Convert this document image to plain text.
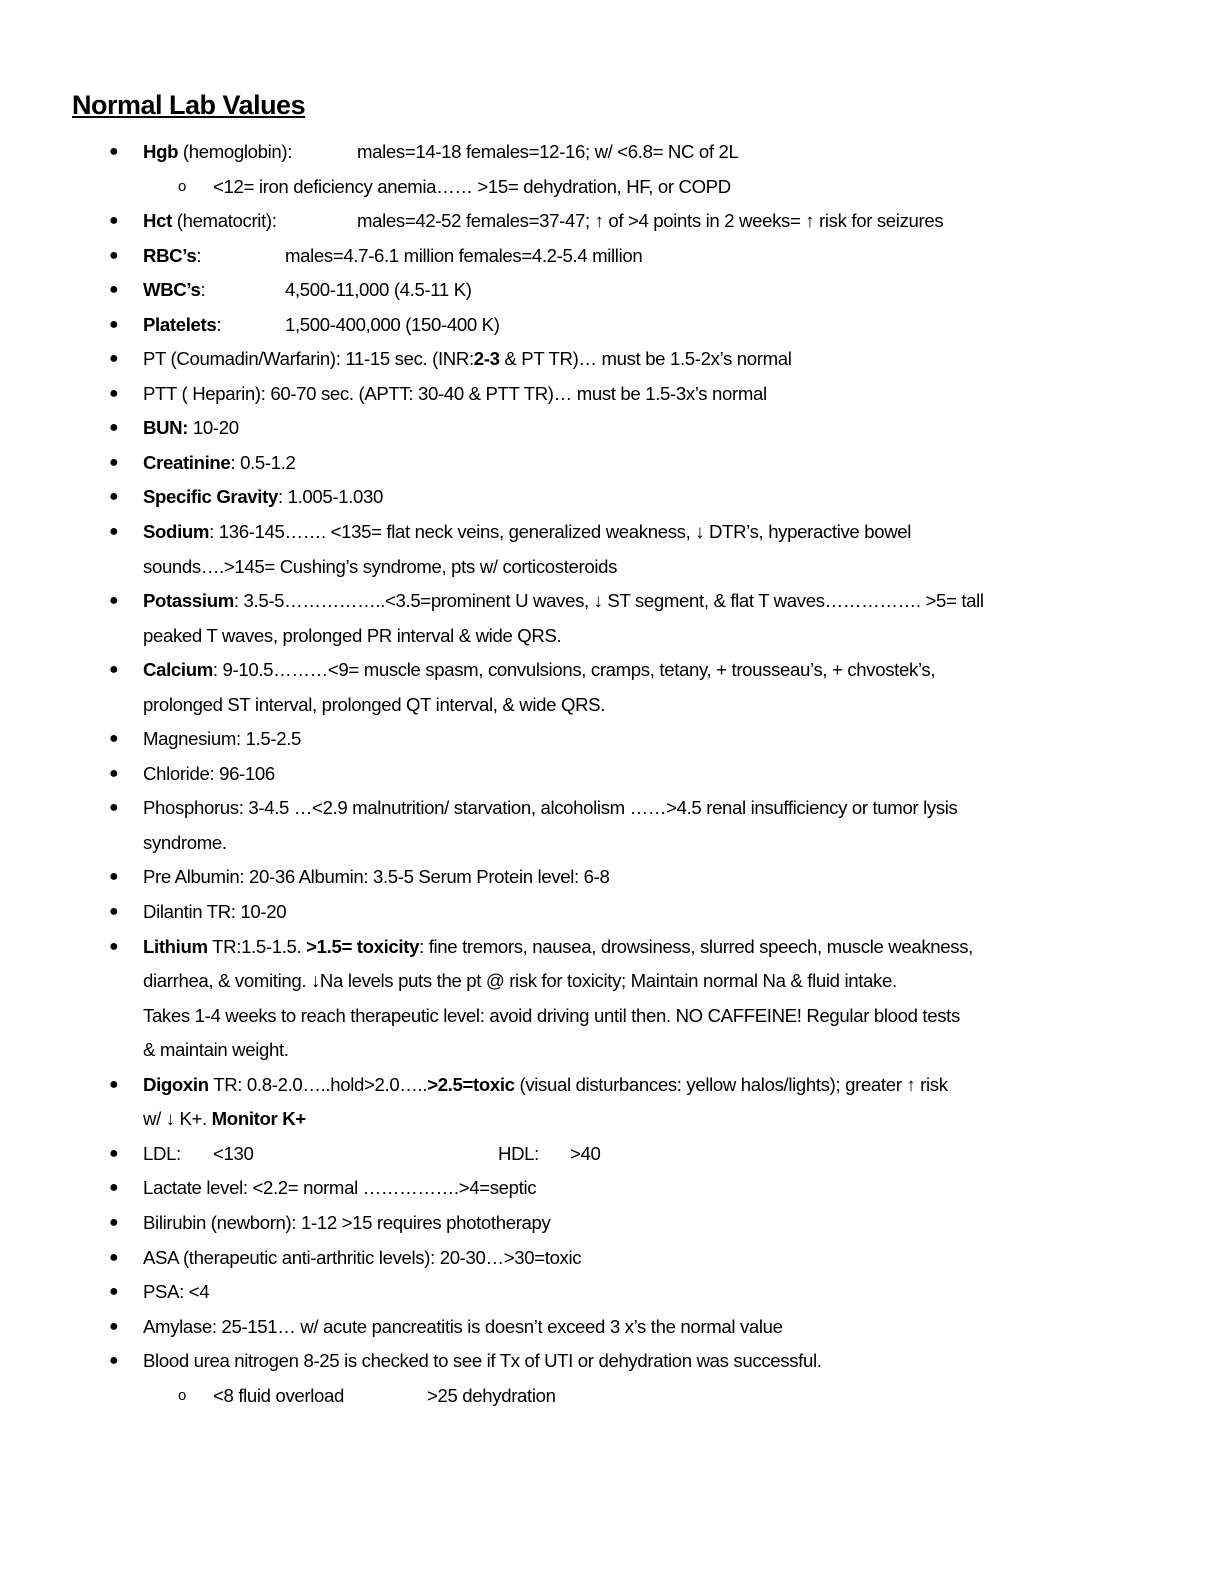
Normal Lab Values
● Hgb (hemoglobin):	males=14-18 females=12-16; w/ <6.8= NC of 2L
o <12= iron deficiency anemia…… >15= dehydration, HF, or COPD
● Hct (hematocrit):	males=42-52 females=37-47; ↑ of >4 points in 2 weeks= ↑ risk for seizures
● RBC’s:	males=4.7-6.1 million females=4.2-5.4 million
● WBC’s:	4,500-11,000 (4.5-11 K)
● Platelets:	1,500-400,000 (150-400 K)
● PT (Coumadin/Warfarin): 11-15 sec. (INR:2-3 & PT TR)… must be 1.5-2x’s normal
● PTT ( Heparin): 60-70 sec. (APTT: 30-40 & PTT TR)… must be 1.5-3x’s normal
● BUN: 10-20
● Creatinine: 0.5-1.2
● Specific Gravity: 1.005-1.030
● Sodium: 136-145……. <135= flat neck veins, generalized weakness, ↓ DTR’s, hyperactive bowel
sounds….>145= Cushing’s syndrome, pts w/ corticosteroids
● Potassium: 3.5-5……………..<3.5=prominent U waves, ↓ ST segment, & flat T waves……………. >5= tall
peaked T waves, prolonged PR interval & wide QRS.
● Calcium: 9-10.5………<9= muscle spasm, convulsions, cramps, tetany, + trousseau’s, + chvostek’s,
prolonged ST interval, prolonged QT interval, & wide QRS.
● Magnesium: 1.5-2.5
● Chloride: 96-106
● Phosphorus: 3-4.5 …<2.9 malnutrition/ starvation, alcoholism ……>4.5 renal insufficiency or tumor lysis
syndrome.
● Pre Albumin: 20-36 Albumin: 3.5-5 Serum Protein level: 6-8
● Dilantin TR: 10-20
● Lithium TR:1.5-1.5. >1.5= toxicity: fine tremors, nausea, drowsiness, slurred speech, muscle weakness,
diarrhea, & vomiting. ↓Na levels puts the pt @ risk for toxicity; Maintain normal Na & fluid intake.
Takes 1-4 weeks to reach therapeutic level: avoid driving until then. NO CAFFEINE! Regular blood tests
& maintain weight.
● Digoxin TR: 0.8-2.0…..hold>2.0…..>2.5=toxic (visual disturbances: yellow halos/lights); greater ↑ risk
w/ ↓ K+. Monitor K+
● LDL: <130	HDL: >40
● Lactate level: <2.2= normal …………….>4=septic
● Bilirubin (newborn): 1-12 >15 requires phototherapy
● ASA (therapeutic anti-arthritic levels): 20-30…>30=toxic
● PSA: <4
● Amylase: 25-151… w/ acute pancreatitis is doesn’t exceed 3 x’s the normal value
● Blood urea nitrogen 8-25 is checked to see if Tx of UTI or dehydration was successful.
o <8 fluid overload	>25 dehydration
